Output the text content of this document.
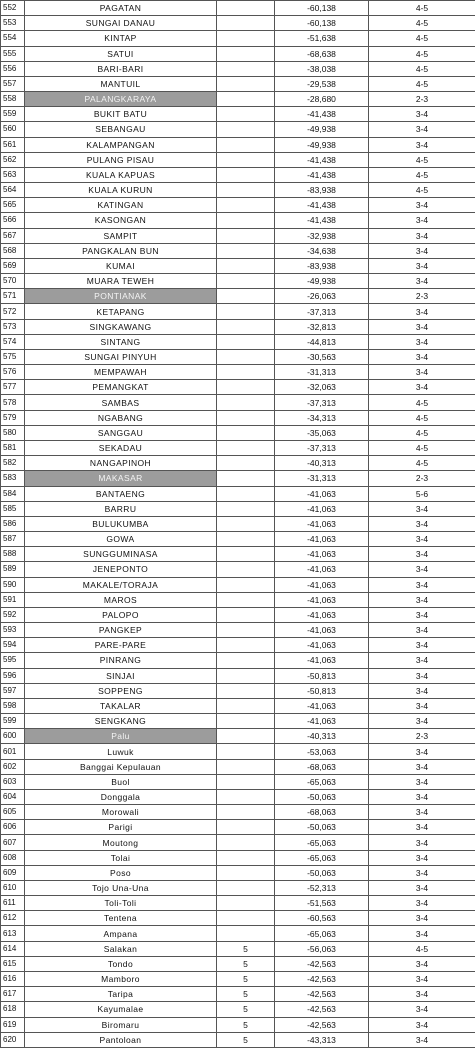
552	PAGATAN		-60,138	4-5
553	SUNGAI DANAU		-60,138	4-5
554	KINTAP		-51,638	4-5
555	SATUI		-68,638	4-5
556	BARI-BARI		-38,038	4-5
557	MANTUIL		-29,538	4-5
558	PALANGKARAYA		-28,680	2-3
559	BUKIT BATU		-41,438	3-4
560	SEBANGAU		-49,938	3-4
561	KALAMPANGAN		-49,938	3-4
562	PULANG PISAU		-41,438	4-5
563	KUALA KAPUAS		-41,438	4-5
564	KUALA KURUN		-83,938	4-5
565	KATINGAN		-41,438	3-4
566	KASONGAN		-41,438	3-4
567	SAMPIT		-32,938	3-4
568	PANGKALAN BUN		-34,638	3-4
569	KUMAI		-83,938	3-4
570	MUARA TEWEH		-49,938	3-4
571	PONTIANAK		-26,063	2-3
572	KETAPANG		-37,313	3-4
573	SINGKAWANG		-32,813	3-4
574	SINTANG		-44,813	3-4
575	SUNGAI PINYUH		-30,563	3-4
576	MEMPAWAH		-31,313	3-4
577	PEMANGKAT		-32,063	3-4
578	SAMBAS		-37,313	4-5
579	NGABANG		-34,313	4-5
580	SANGGAU		-35,063	4-5
581	SEKADAU		-37,313	4-5
582	NANGAPINOH		-40,313	4-5
583	MAKASAR		-31,313	2-3
584	BANTAENG		-41,063	5-6
585	BARRU		-41,063	3-4
586	BULUKUMBA		-41,063	3-4
587	GOWA		-41,063	3-4
588	SUNGGUMINASA		-41,063	3-4
589	JENEPONTO		-41,063	3-4
590	MAKALE/TORAJA		-41,063	3-4
591	MAROS		-41,063	3-4
592	PALOPO		-41,063	3-4
593	PANGKEP		-41,063	3-4
594	PARE-PARE		-41,063	3-4
595	PINRANG		-41,063	3-4
596	SINJAI		-50,813	3-4
597	SOPPENG		-50,813	3-4
598	TAKALAR		-41,063	3-4
599	SENGKANG		-41,063	3-4
600	Palu		-40,313	2-3
601	Luwuk		-53,063	3-4
602	Banggai Kepulauan		-68,063	3-4
603	Buol		-65,063	3-4
604	Donggala		-50,063	3-4
605	Morowali		-68,063	3-4
606	Parigi		-50,063	3-4
607	Moutong		-65,063	3-4
608	Tolai		-65,063	3-4
609	Poso		-50,063	3-4
610	Tojo Una-Una		-52,313	3-4
611	Toli-Toli		-51,563	3-4
612	Tentena		-60,563	3-4
613	Ampana		-65,063	3-4
614	Salakan	5	-56,063	4-5
615	Tondo	5	-42,563	3-4
616	Mamboro	5	-42,563	3-4
617	Taripa	5	-42,563	3-4
618	Kayumalae	5	-42,563	3-4
619	Biromaru	5	-42,563	3-4
620	Pantoloan	5	-43,313	3-4
